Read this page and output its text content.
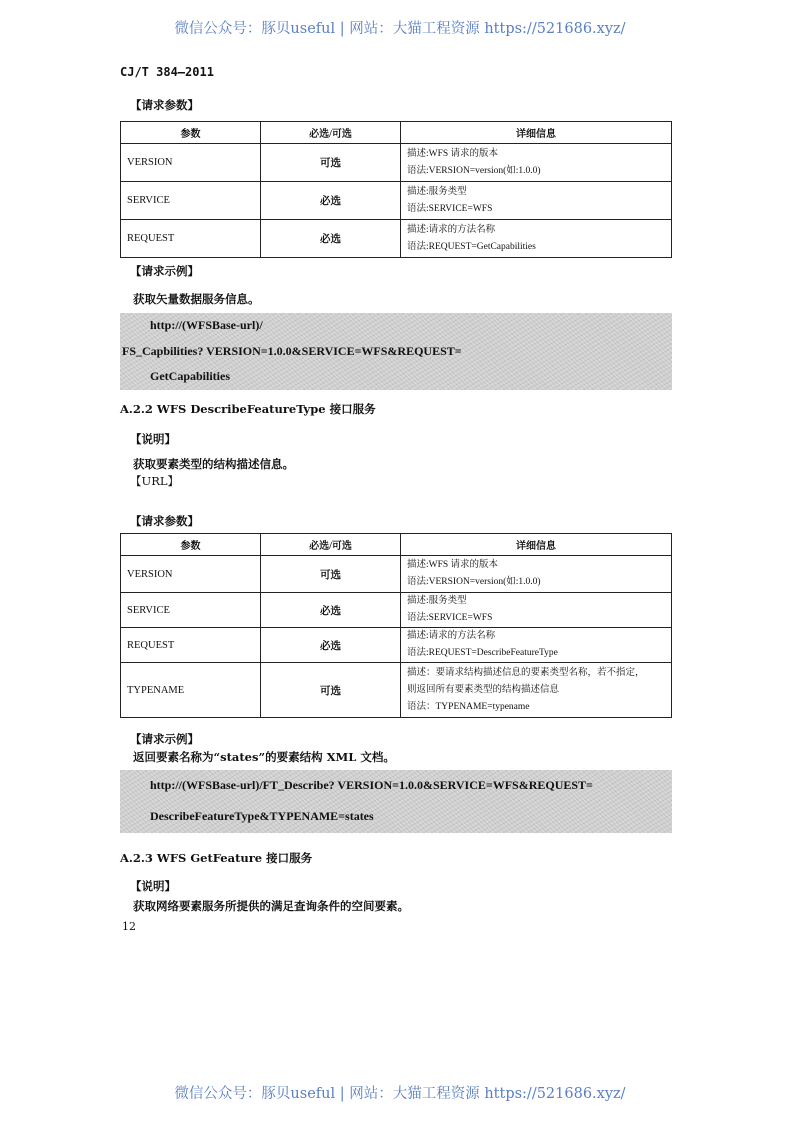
微信公众号：豚贝useful | 网站：大猫工程资源 https://521686.xyz/
CJ/T 384—2011
【请求参数】
参数	必选/可选	详细信息
VERSION	可选	描述:WFS 请求的版本
语法:VERSION=version(如:1.0.0)

SERVICE	必选	描述:服务类型
语法:SERVICE=WFS

REQUEST	必选	描述:请求的方法名称
语法:REQUEST=GetCapabilities
【请求示例】
获取矢量数据服务信息。
http://(WFSBase-url)/
FS_Capbilities? VERSION=1.0.0&SERVICE=WFS&REQUEST=
GetCapabilities
A.2.2 WFS DescribeFeatureType 接口服务
【说明】
获取要素类型的结构描述信息。
【URL】
【请求参数】
参数	必选/可选	详细信息
VERSION	可选	描述:WFS 请求的版本
语法:VERSION=version(如:1.0.0)

SERVICE	必选	描述:服务类型
语法:SERVICE=WFS

REQUEST	必选	描述:请求的方法名称
语法:REQUEST=DescribeFeatureType

TYPENAME	可选	描述：要请求结构描述信息的要素类型名称，若不指定，
则返回所有要素类型的结构描述信息
语法：TYPENAME=typename
【请求示例】
返回要素名称为“states”的要素结构 XML 文档。
http://(WFSBase-url)/FT_Describe? VERSION=1.0.0&SERVICE=WFS&REQUEST=
DescribeFeatureType&TYPENAME=states
A.2.3 WFS GetFeature 接口服务
【说明】
获取网络要素服务所提供的满足查询条件的空间要素。
12
微信公众号：豚贝useful | 网站：大猫工程资源 https://521686.xyz/
